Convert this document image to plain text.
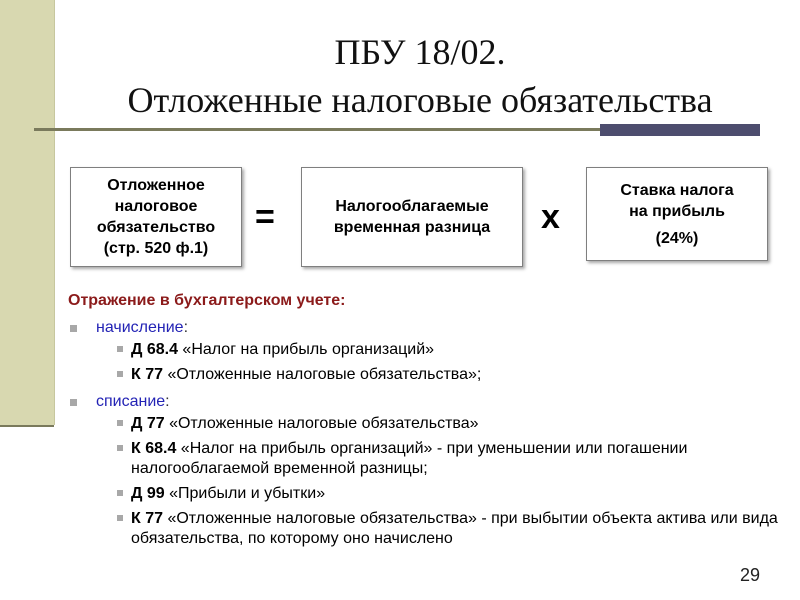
ПБУ 18/02.
Отложенные налоговые обязательства
Отложенное
налоговое
обязательство
(стр. 520 ф.1)
=	Налогооблагаемые
временная разница x
Ставка налога
на прибыль
(24%)
Отражение в бухгалтерском учете:
начисление:
Д 68.4 «Налог на прибыль организаций»
К 77 «Отложенные налоговые обязательства»;
списание:
Д 77 «Отложенные налоговые обязательства»
К 68.4 «Налог на прибыль организаций» - при уменьшении или погашении налогооблагаемой временной разницы;
Д 99 «Прибыли и убытки»
К 77 «Отложенные налоговые обязательства» - при выбытии объекта актива или вида обязательства, по которому оно начислено
29
